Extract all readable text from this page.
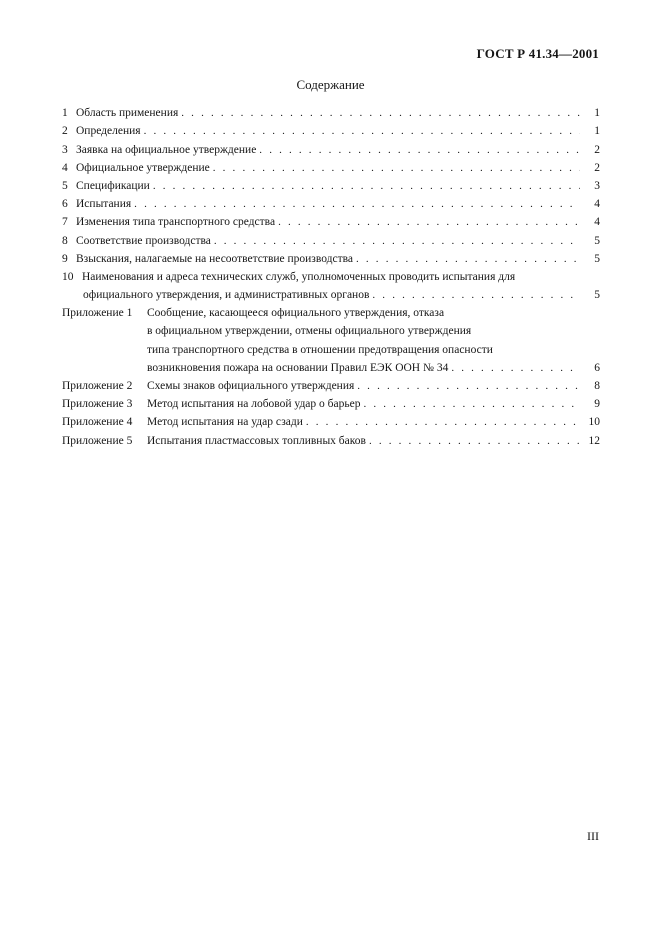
ГОСТ Р 41.34—2001
Содержание
1 Область применения . . .	1
2 Определения . . .	1
3 Заявка на официальное утверждение . . .	2
4 Официальное утверждение . . .	2
5 Спецификации . . .	3
6 Испытания . . .	4
7 Изменения типа транспортного средства . . .	4
8 Соответствие производства . . .	5
9 Взыскания, налагаемые на несоответствие производства . . .	5
10 Наименования и адреса технических служб, уполномоченных проводить испытания для
официального утверждения, и административных органов . . .	5
Приложение 1	Сообщение, касающееся официального утверждения, отказа
в официальном утверждении, отмены официального утверждения
типа транспортного средства в отношении предотвращения опасности
возникновения пожара на основании Правил ЕЭК ООН № 34 . . .	6
Приложение 2	Схемы знаков официального утверждения . . .	8
Приложение 3	Метод испытания на лобовой удар о барьер . . .	9
Приложение 4	Метод испытания на удар сзади . . .	10
Приложение 5	Испытания пластмассовых топливных баков . . .	12
III
